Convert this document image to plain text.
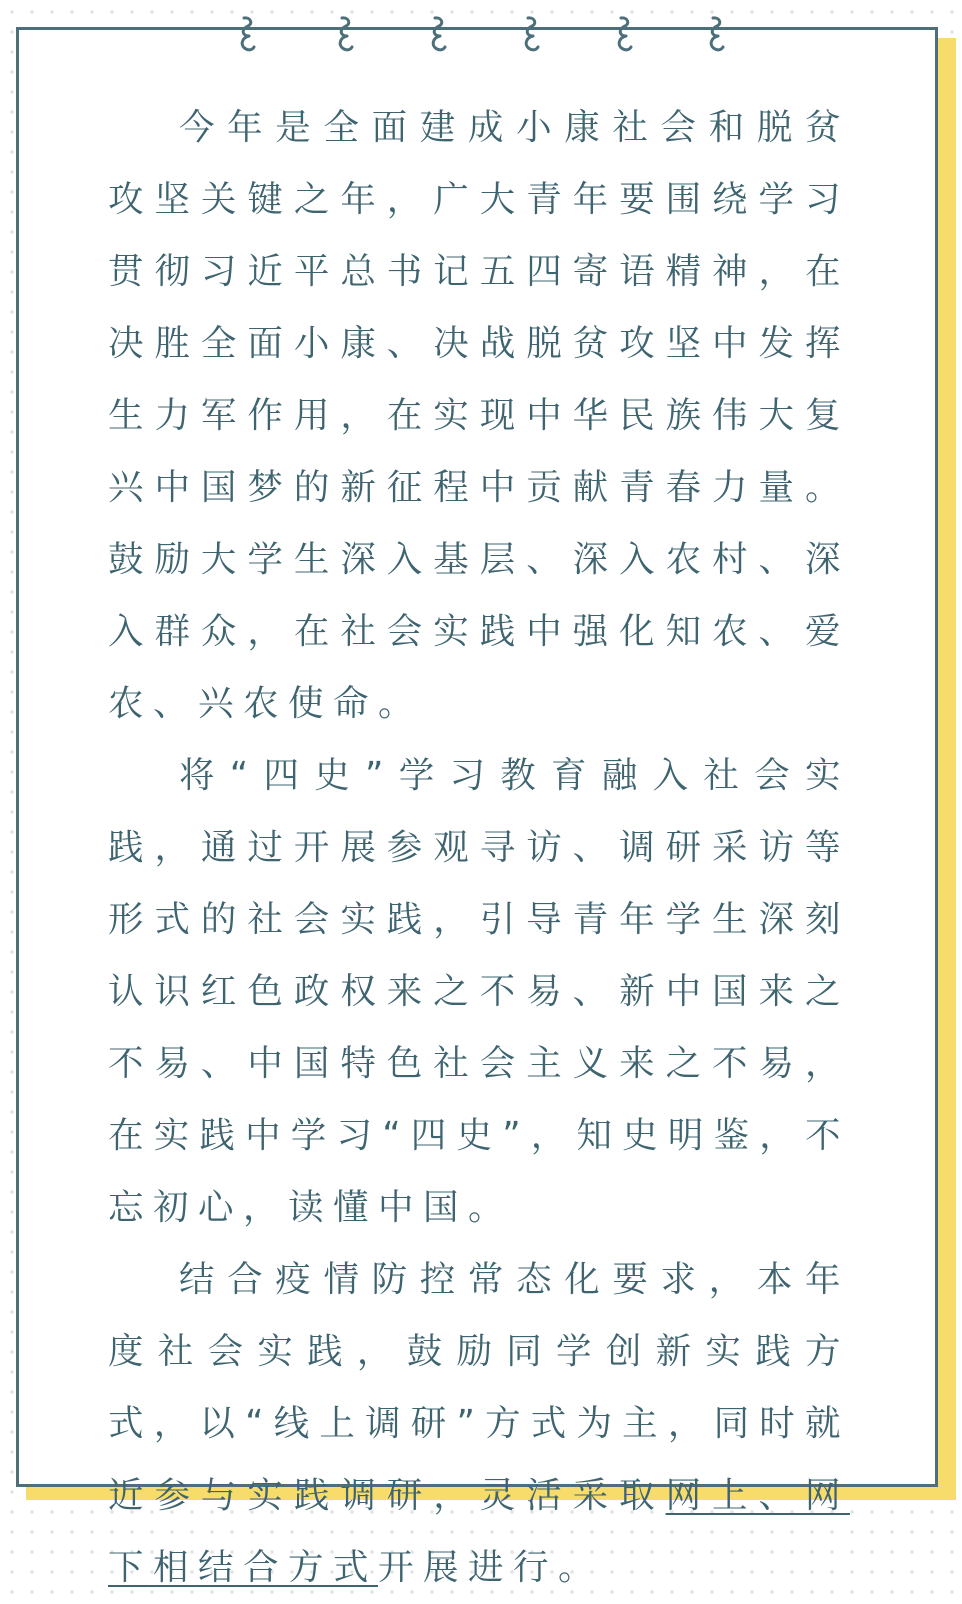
今年是全面建成小康社会和脱贫攻坚关键之年，广大青年要围绕学习贯彻习近平总书记五四寄语精神，在决胜全面小康、决战脱贫攻坚中发挥生力军作用，在实现中华民族伟大复兴中国梦的新征程中贡献青春力量。鼓励大学生深入基层、深入农村、深入群众，在社会实践中强化知农、爱农、兴农使命。

将“四史”学习教育融入社会实践，通过开展参观寻访、调研采访等形式的社会实践，引导青年学生深刻认识红色政权来之不易、新中国来之不易、中国特色社会主义来之不易，在实践中学习“四史”，知史明鉴，不忘初心，读懂中国。

结合疫情防控常态化要求，本年度社会实践，鼓励同学创新实践方式，以“线上调研”方式为主，同时就近参与实践调研，灵活采取网上、网下相结合方式开展进行。
